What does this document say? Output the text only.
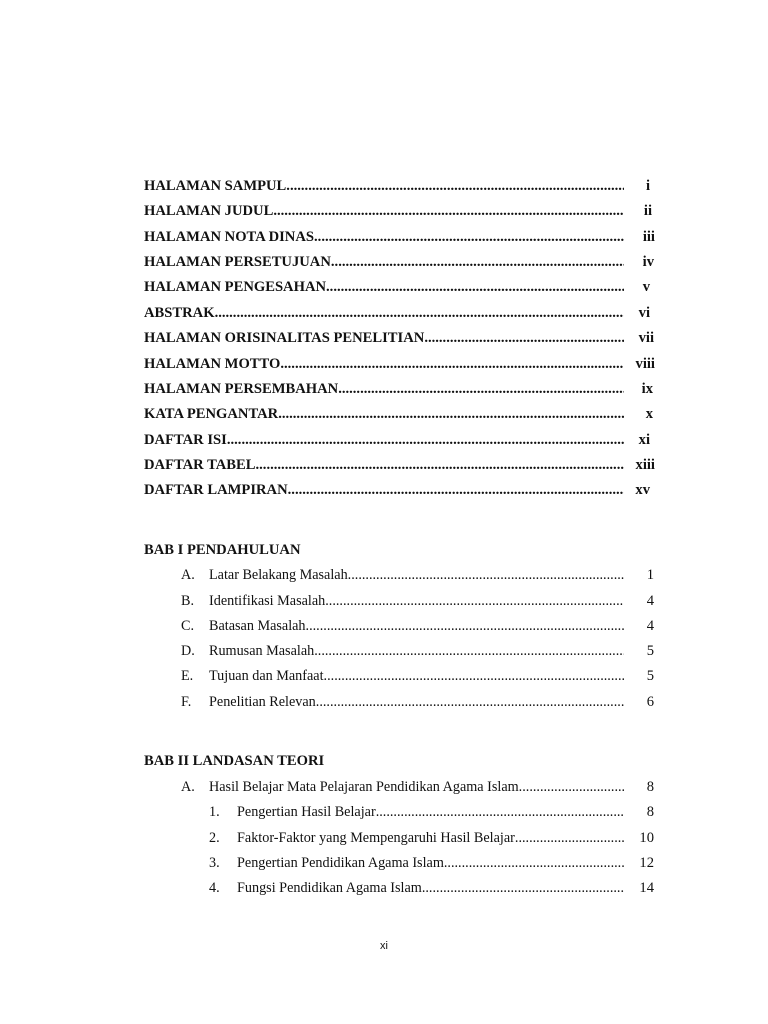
HALAMAN SAMPUL .....	i
HALAMAN JUDUL .....	ii
HALAMAN NOTA DINAS .....	iii
HALAMAN PERSETUJUAN .....	iv
HALAMAN PENGESAHAN .....	v
ABSTRAK .....	vi
HALAMAN ORISINALITAS PENELITIAN .....	vii
HALAMAN MOTTO .....	viii
HALAMAN PERSEMBAHAN .....	ix
KATA PENGANTAR .....	x
DAFTAR ISI .....	xi
DAFTAR TABEL .....	xiii
DAFTAR LAMPIRAN .....	xv
BAB I PENDAHULUAN
A. Latar Belakang Masalah .....	1
B. Identifikasi Masalah .....	4
C. Batasan Masalah .....	4
D. Rumusan Masalah .....	5
E. Tujuan dan Manfaat .....	5
F. Penelitian Relevan .....	6
BAB II LANDASAN TEORI
A. Hasil Belajar Mata Pelajaran Pendidikan Agama Islam .....	8
1. Pengertian Hasil Belajar .....	8
2. Faktor-Faktor yang Mempengaruhi Hasil Belajar .....	10
3. Pengertian Pendidikan Agama Islam .....	12
4. Fungsi Pendidikan Agama Islam .....	14
xi
